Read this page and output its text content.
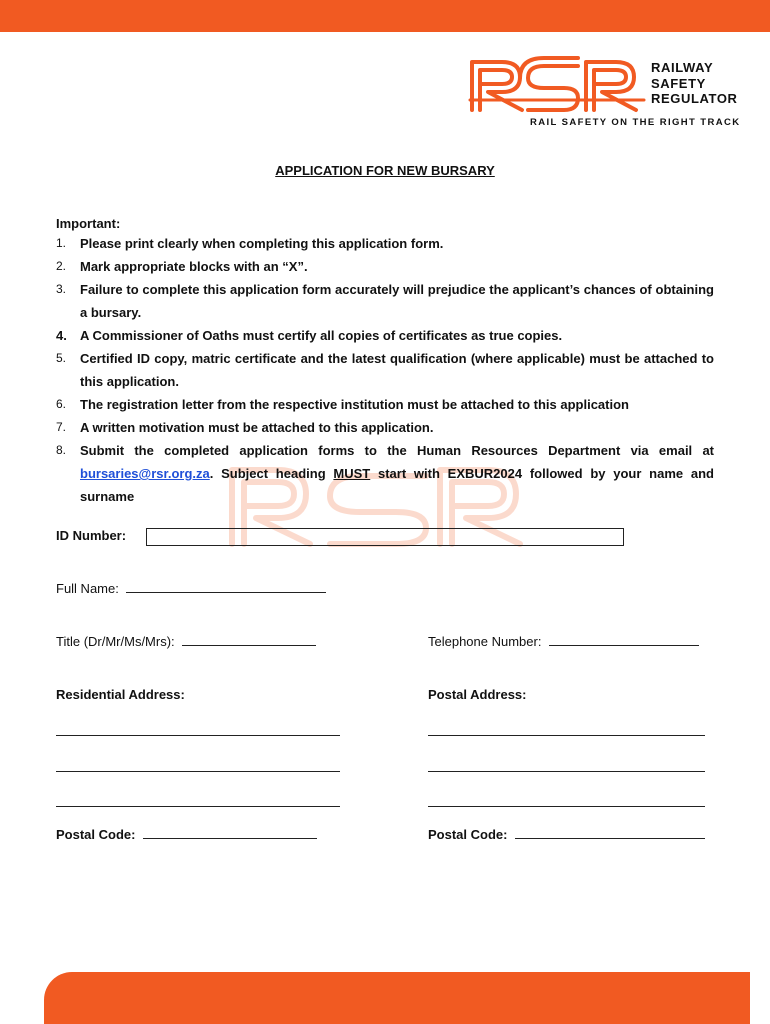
RAILWAY
SAFETY
REGULATOR
RAIL SAFETY ON THE RIGHT TRACK
APPLICATION FOR NEW BURSARY
Important:
1. Please print clearly when completing this application form.
2. Mark appropriate blocks with an “X”.
3. Failure to complete this application form accurately will prejudice the applicant’s chances of obtaining a bursary.
4. A Commissioner of Oaths must certify all copies of certificates as true copies.
5. Certified ID copy, matric certificate and the latest qualification (where applicable) must be attached to this application.
6. The registration letter from the respective institution must be attached to this application
7. A written motivation must be attached to this application.
8. Submit the completed application forms to the Human Resources Department via email at bursaries@rsr.org.za. Subject heading MUST start with EXBUR2024 followed by your name and surname
ID Number:
Full Name:
Title (Dr/Mr/Ms/Mrs):	Telephone Number:
Residential Address:	Postal Address:
Postal Code:	Postal Code:
